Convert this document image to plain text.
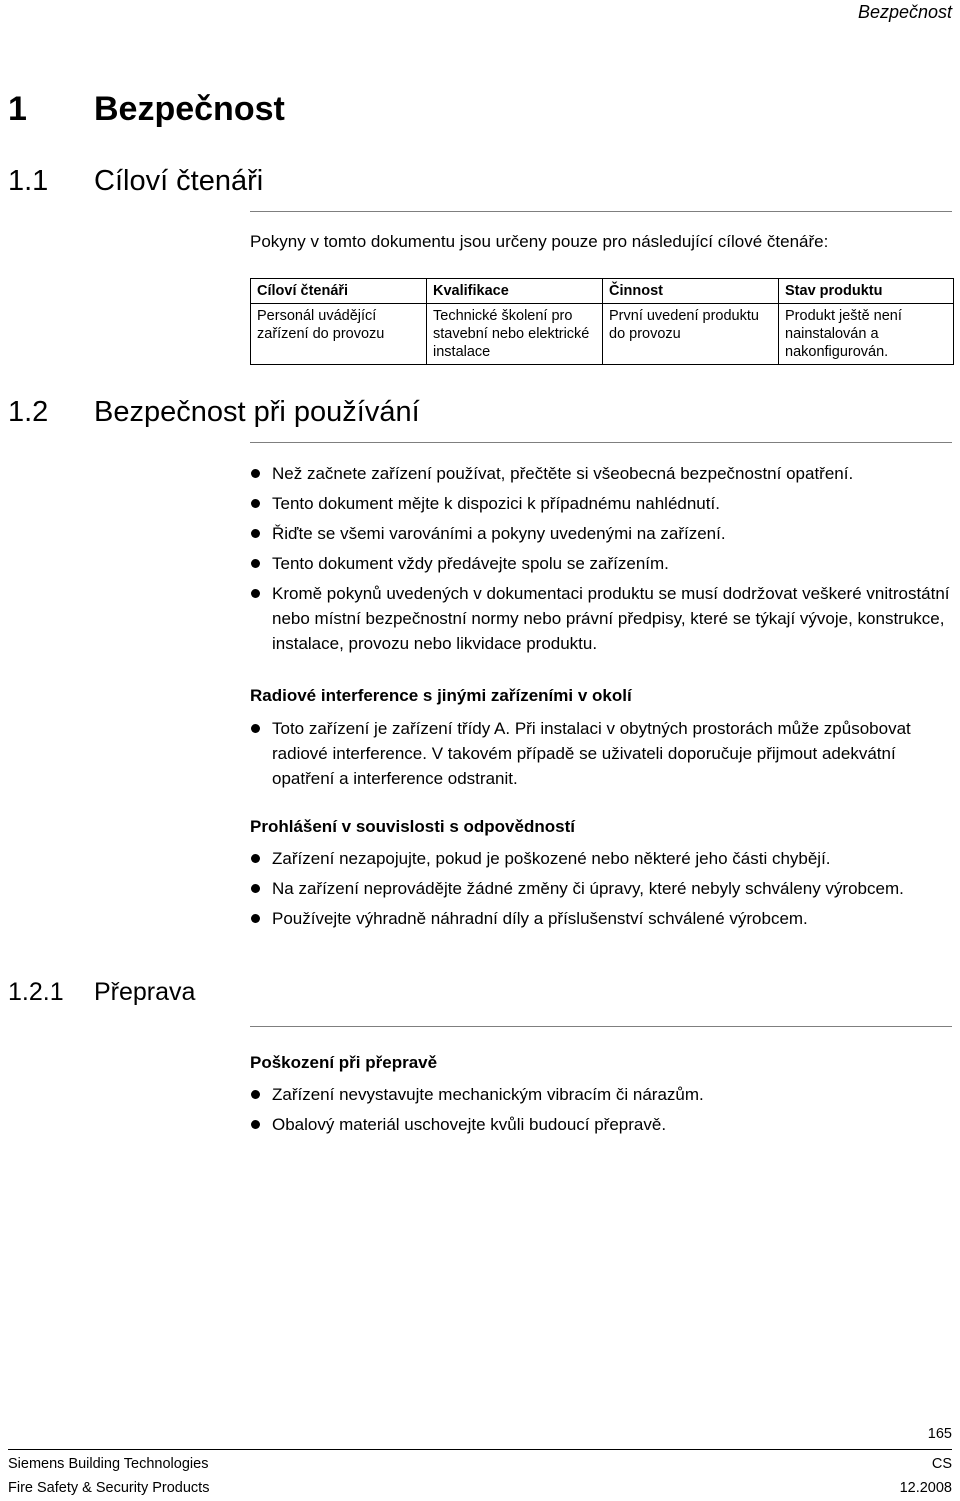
Bezpečnost
1 Bezpečnost
1.1 Cíloví čtenáři
Pokyny v tomto dokumentu jsou určeny pouze pro následující cílové čtenáře:
Cíloví čtenáři	Kvalifikace	Činnost	Stav produktu
Personál uvádějící zařízení do provozu	Technické školení pro stavební nebo elektrické instalace	První uvedení produktu do provozu	Produkt ještě není nainstalován a nakonfigurován.
1.2 Bezpečnost při používání
Než začnete zařízení používat, přečtěte si všeobecná bezpečnostní opatření.
Tento dokument mějte k dispozici k případnému nahlédnutí.
Řiďte se všemi varováními a pokyny uvedenými na zařízení.
Tento dokument vždy předávejte spolu se zařízením.
Kromě pokynů uvedených v dokumentaci produktu se musí dodržovat veškeré vnitrostátní nebo místní bezpečnostní normy nebo právní předpisy, které se týkají vývoje, konstrukce, instalace, provozu nebo likvidace produktu.
Radiové interference s jinými zařízeními v okolí
Toto zařízení je zařízení třídy A. Při instalaci v obytných prostorách může způsobovat radiové interference. V takovém případě se uživateli doporučuje přijmout adekvátní opatření a interference odstranit.
Prohlášení v souvislosti s odpovědností
Zařízení nezapojujte, pokud je poškozené nebo některé jeho části chybějí.
Na zařízení neprovádějte žádné změny či úpravy, které nebyly schváleny výrobcem.
Používejte výhradně náhradní díly a příslušenství schválené výrobcem.
1.2.1 Přeprava
Poškození při přepravě
Zařízení nevystavujte mechanickým vibracím či nárazům.
Obalový materiál uschovejte kvůli budoucí přepravě.
165
Siemens Building Technologies
Fire Safety & Security Products
CS
12.2008
